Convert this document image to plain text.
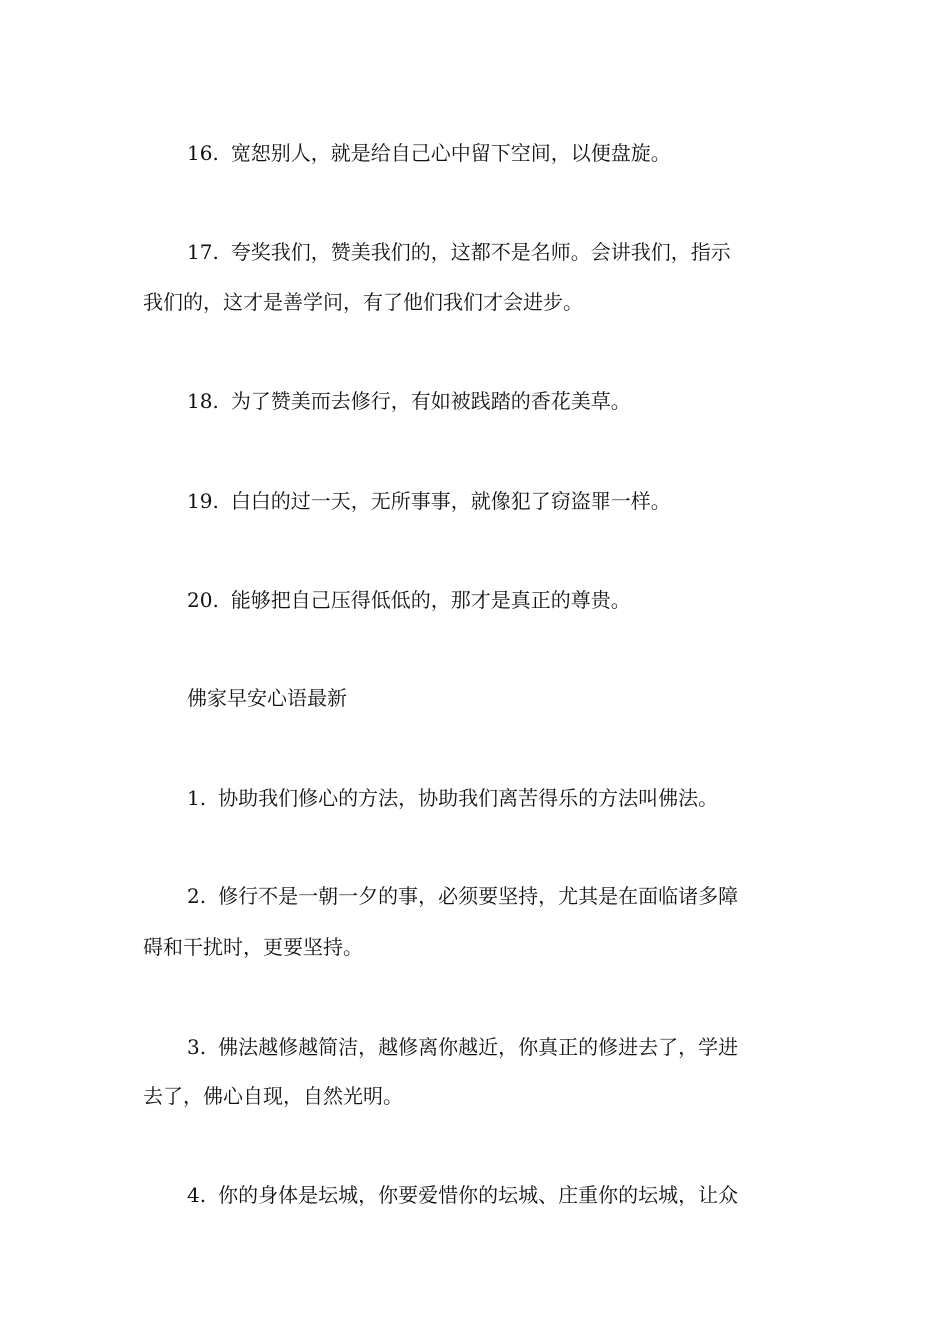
16. 宽恕别人，就是给自己心中留下空间，以便盘旋。
17. 夸奖我们，赞美我们的，这都不是名师。会讲我们，指示
我们的，这才是善学问，有了他们我们才会进步。
18. 为了赞美而去修行，有如被践踏的香花美草。
19. 白白的过一天，无所事事，就像犯了窃盗罪一样。
20. 能够把自己压得低低的，那才是真正的尊贵。
佛家早安心语最新
1. 协助我们修心的方法，协助我们离苦得乐的方法叫佛法。
2. 修行不是一朝一夕的事，必须要坚持，尤其是在面临诸多障
碍和干扰时，更要坚持。
3. 佛法越修越简洁，越修离你越近，你真正的修进去了，学进
去了，佛心自现，自然光明。
4. 你的身体是坛城，你要爱惜你的坛城、庄重你的坛城，让众
